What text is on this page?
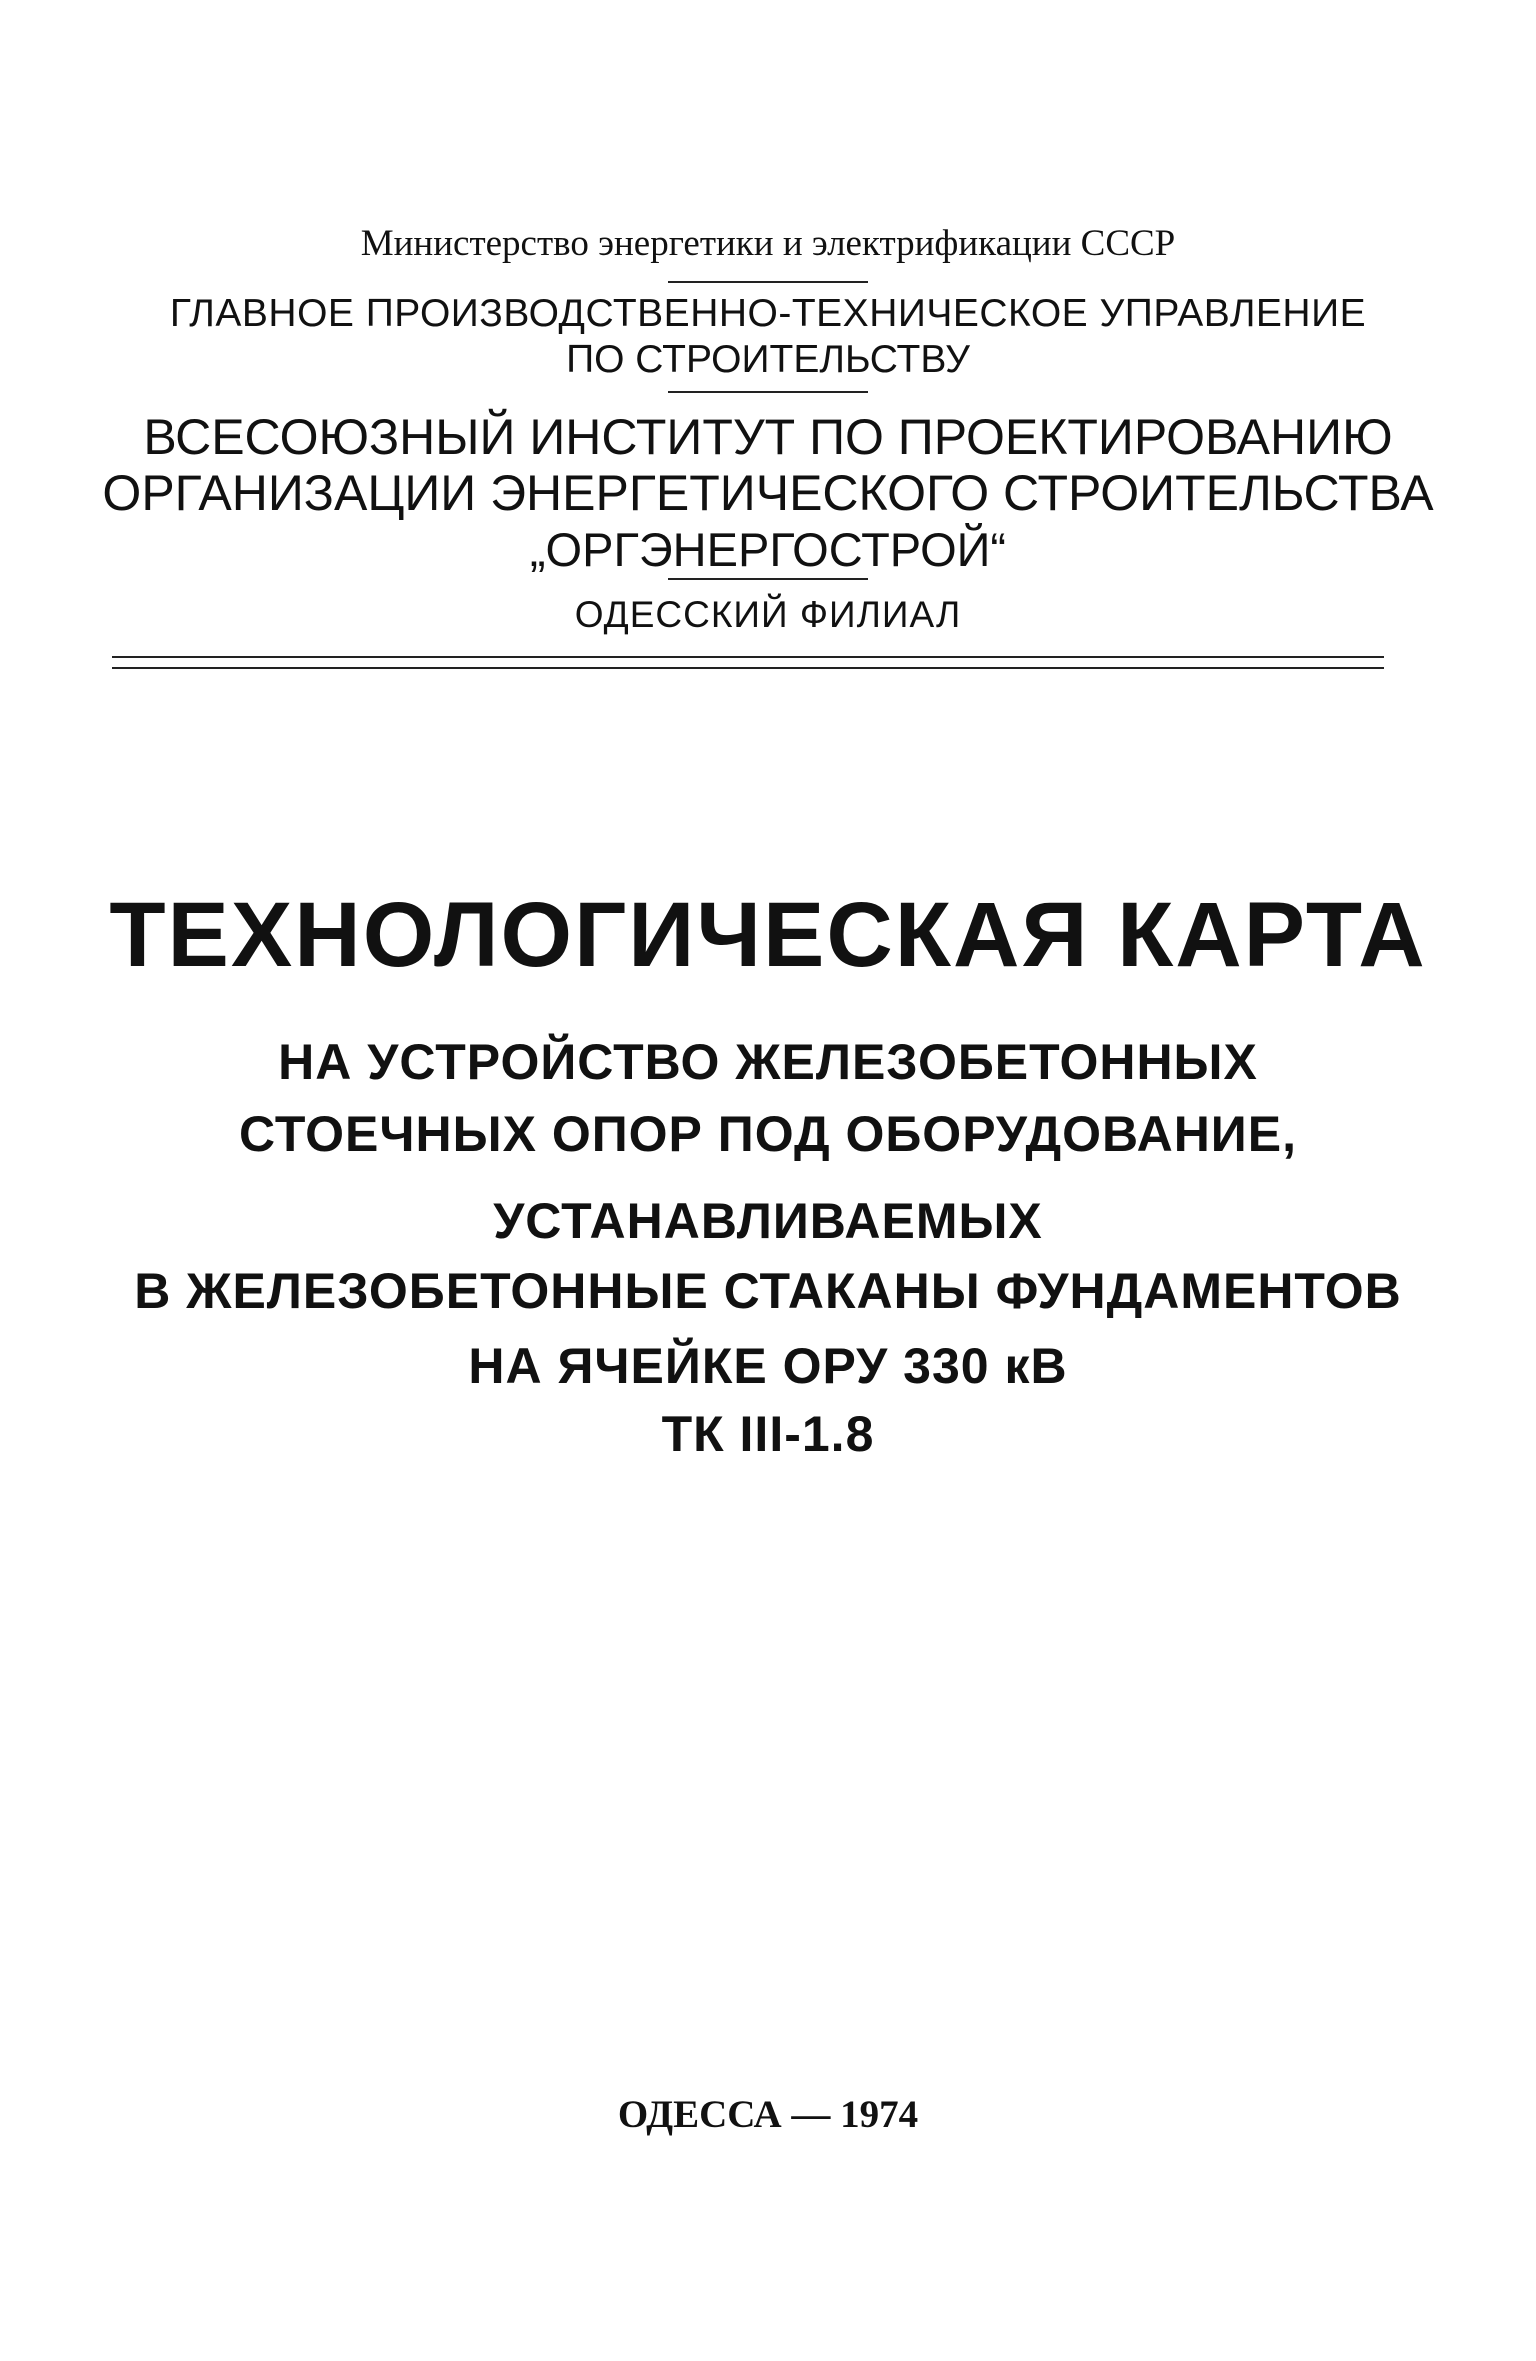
Министерство энергетики и электрификации СССР
ГЛАВНОЕ ПРОИЗВОДСТВЕННО-ТЕХНИЧЕСКОЕ УПРАВЛЕНИЕ
ПО СТРОИТЕЛЬСТВУ
ВСЕСОЮЗНЫЙ ИНСТИТУТ ПО ПРОЕКТИРОВАНИЮ
ОРГАНИЗАЦИИ ЭНЕРГЕТИЧЕСКОГО СТРОИТЕЛЬСТВА
„ОРГЭНЕРГОСТРОЙ“
ОДЕССКИЙ ФИЛИАЛ
ТЕХНОЛОГИЧЕСКАЯ КАРТА
НА УСТРОЙСТВО ЖЕЛЕЗОБЕТОННЫХ
СТОЕЧНЫХ ОПОР ПОД ОБОРУДОВАНИЕ,
УСТАНАВЛИВАЕМЫХ
В ЖЕЛЕЗОБЕТОННЫЕ СТАКАНЫ ФУНДАМЕНТОВ
НА ЯЧЕЙКЕ ОРУ 330 кВ
ТК III-1.8
ОДЕССА — 1974
